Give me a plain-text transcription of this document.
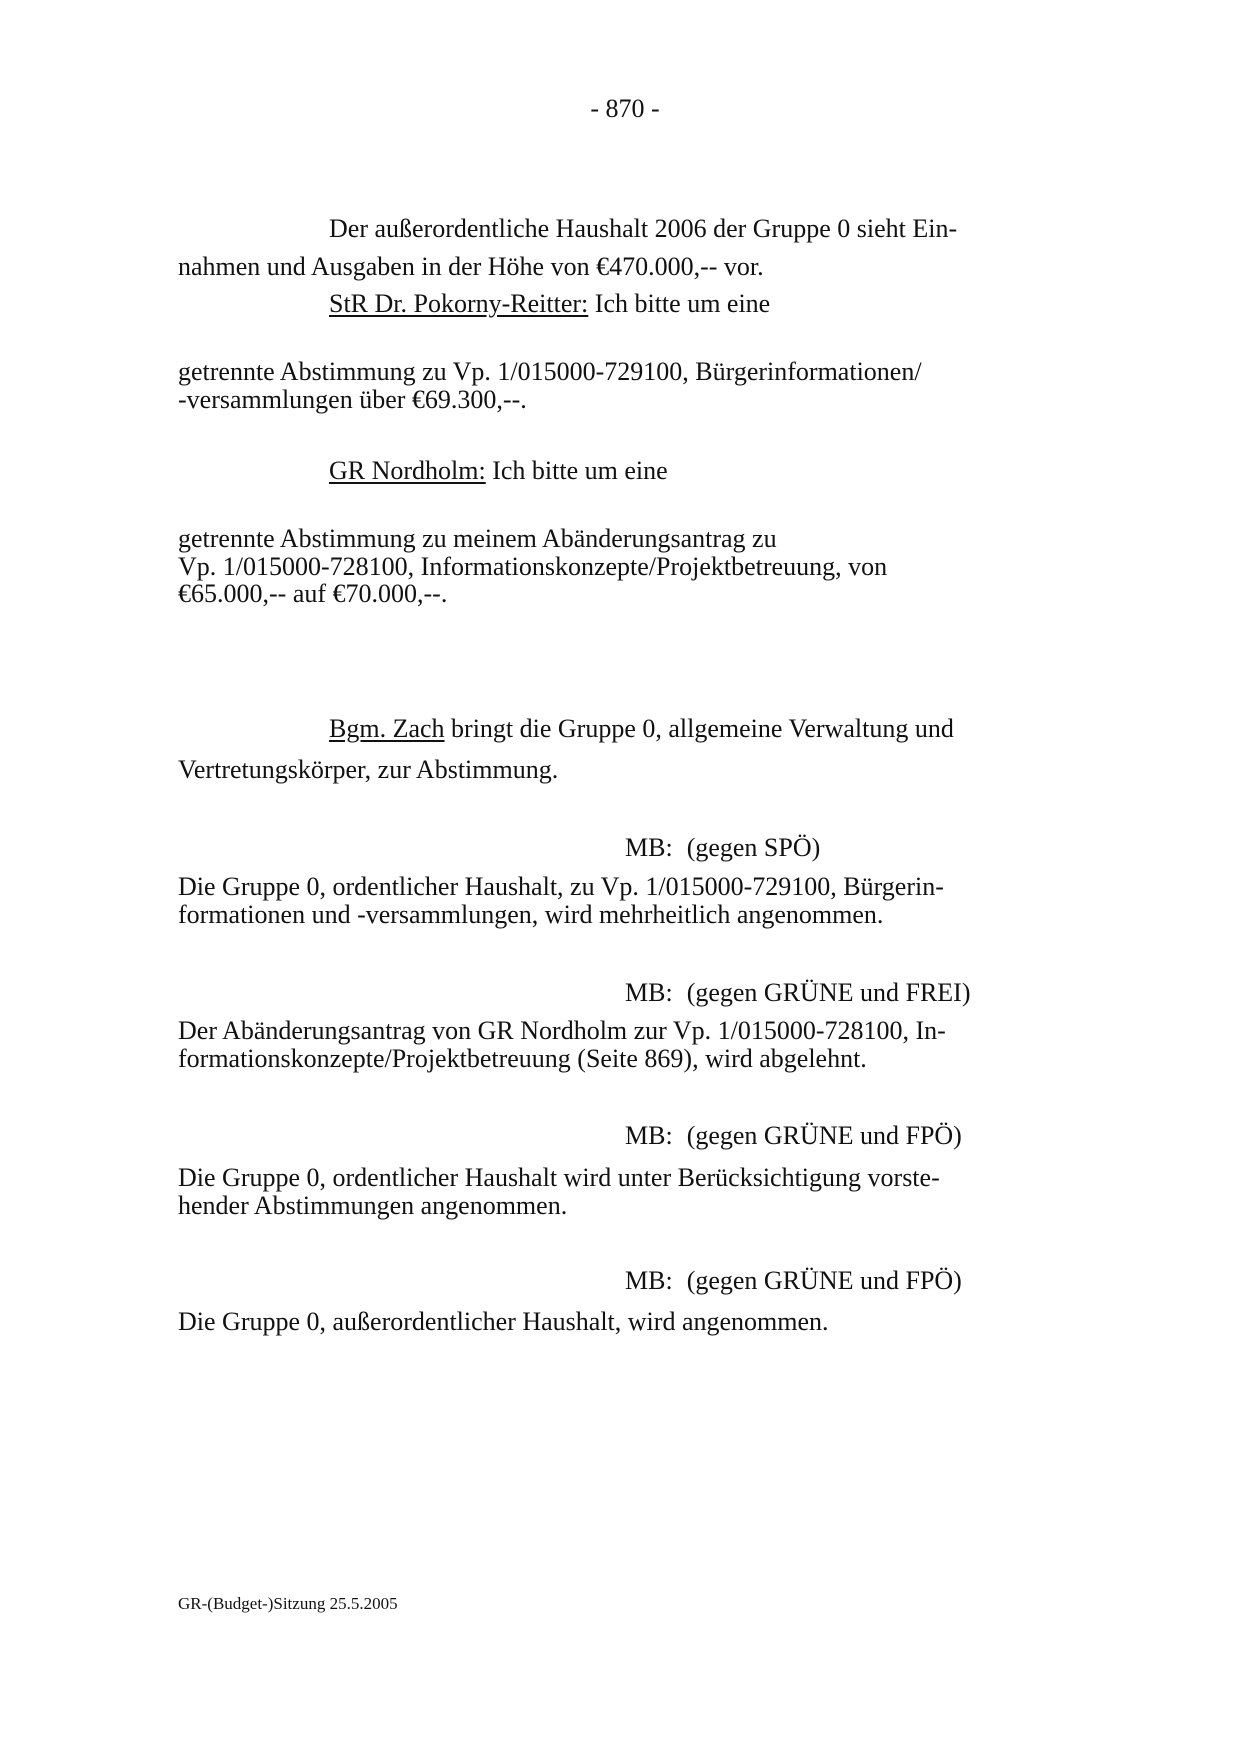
- 870 -
Der außerordentliche Haushalt 2006 der Gruppe 0 sieht Ein-
nahmen und Ausgaben in der Höhe von €470.000,-- vor.
StR Dr. Pokorny-Reitter: Ich bitte um eine
getrennte Abstimmung zu Vp. 1/015000-729100, Bürgerinformationen/
-versammlungen über €69.300,--.
GR Nordholm: Ich bitte um eine
getrennte Abstimmung zu meinem Abänderungsantrag zu
Vp. 1/015000-728100, Informationskonzepte/Projektbetreuung, von
€65.000,-- auf €70.000,--.
Bgm. Zach bringt die Gruppe 0, allgemeine Verwaltung und
Vertretungskörper, zur Abstimmung.
MB: (gegen SPÖ)
Die Gruppe 0, ordentlicher Haushalt, zu Vp. 1/015000-729100, Bürgerin-
formationen und -versammlungen, wird mehrheitlich angenommen.
MB: (gegen GRÜNE und FREI)
Der Abänderungsantrag von GR Nordholm zur Vp. 1/015000-728100, In-
formationskonzepte/Projektbetreuung (Seite 869), wird abgelehnt.
MB: (gegen GRÜNE und FPÖ)
Die Gruppe 0, ordentlicher Haushalt wird unter Berücksichtigung vorste-
hender Abstimmungen angenommen.
MB: (gegen GRÜNE und FPÖ)
Die Gruppe 0, außerordentlicher Haushalt, wird angenommen.
GR-(Budget-)Sitzung 25.5.2005
